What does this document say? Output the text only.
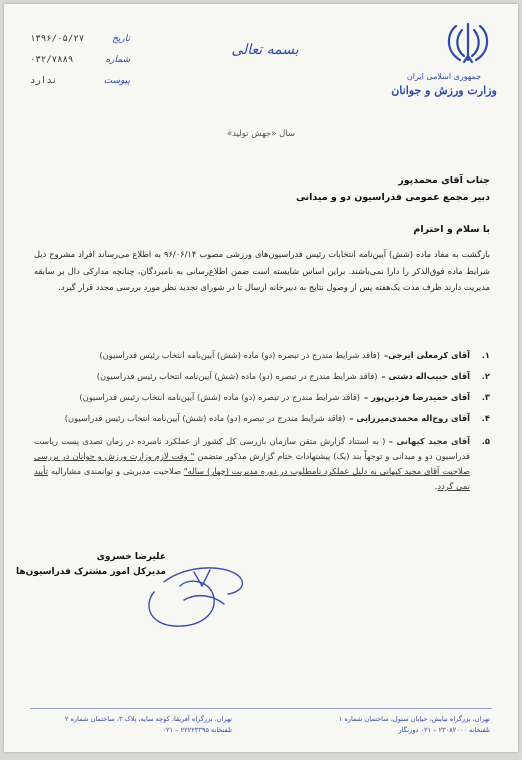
جمهوری اسلامی ایران
وزارت ورزش و جوانان
بسمه تعالی
تاریخ
۱۳۹۶/۰۵/۲۷
شماره
۰۳۲/۷۸۸۹
پیوست
ندارد
سال «جهش تولید»
جناب آقای محمدپور
دبیر مجمع عمومی فدراسیون دو و میدانی
با سلام و احترام
بازگشت به مفاد ماده (شش) آیین‌نامه انتخابات رئیس فدراسیون‌های ورزشی مصوب ۹۶/۰۶/۱۴ به اطلاع می‌رساند افراد مشروح ذیل شرایط ماده فوق‌الذکر را دارا نمی‌باشند. براین اساس شایسته است ضمن اطلاع‌رسانی به نامبردگان، چنانچه مدارکی دال بر سابقه مدیریت دارند ظرف مدت یک‌هفته پس از وصول نتایج به دبیرخانه ارسال تا در شورای تجدید نظر مورد بررسی مجدد قرار گیرد.
۱.
آقای کرمعلی ایرجی–
(فاقد شرایط مندرج در تبصره (دو) ماده (شش) آیین‌نامه انتخاب رئیس فدراسیون)
۲.
آقای حبیب‌اله دشتی –
(فاقد شرایط مندرج در تبصره (دو) ماده (شش) آیین‌نامه انتخاب رئیس فدراسیون)
۳.
آقای حمیدرضا فردین‌پور –
(فاقد شرایط مندرج در تبصره (دو) ماده (شش) آیین‌نامه انتخاب رئیس فدراسیون)
۴.
آقای روح‌اله محمدی‌میرزایی –
(فاقد شرایط مندرج در تبصره (دو) ماده (شش) آیین‌نامه انتخاب رئیس فدراسیون)
۵.
آقای مجید کیهانی – ( به استناد گزارش متقن سازمان بازرسی کل کشور از عملکرد نامبرده در زمان تصدی پست ریاست فدراسیون دو و میدانی و توجهاً بند (یک) پیشنهادات ختام گزارش مذکور متضمن " وقت لازم وزارت ورزش و جوانان در بررسی صلاحیت آقای مجید کیهانی به دلیل عملکرد نامطلوب در دوره مدیریت (چهار) ساله" صلاحیت مدیریتی و توانمندی مشارالیه تأیید نمی گردد.
علیرضا خسروی
مدیرکل امور مشترک فدراسیون‌ها
تهران، بزرگراه نیایش، خیابان ستول، ساختمان شماره ۱
تلفنخانه ۲۳۰۸۲۰۰۰ – ۰۲۱ دورنگار
تهران، بزرگراه آفریقا، کوچه سایه، پلاک ۳، ساختمان شماره ۲
تلفنخانه ۲۲۲۲۳۳۹۵ – ۰۲۱
